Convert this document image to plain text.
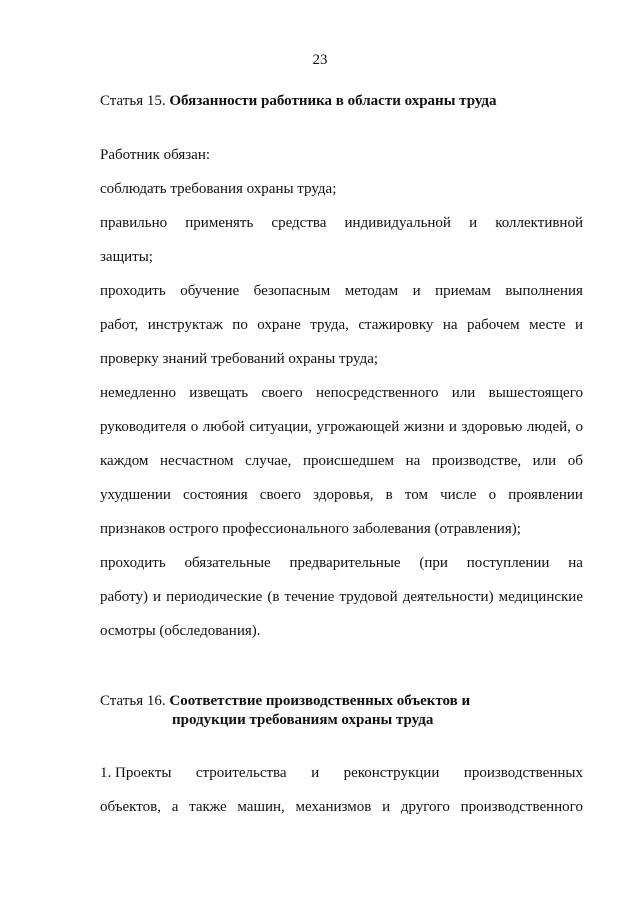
23
Статья 15. Обязанности работника в области охраны труда
Работник обязан:
соблюдать требования охраны труда;
правильно применять средства индивидуальной и коллективной
защиты;
проходить обучение безопасным методам и приемам выполнения
работ, инструктаж по охране труда, стажировку на рабочем месте и
проверку знаний требований охраны труда;
немедленно извещать своего непосредственного или вышестоящего
руководителя о любой ситуации, угрожающей жизни и здоровью людей, о
каждом несчастном случае, происшедшем на производстве, или об
ухудшении состояния своего здоровья, в том числе о проявлении
признаков острого профессионального заболевания (отравления);
проходить обязательные предварительные (при поступлении на
работу) и периодические (в течение трудовой деятельности) медицинские
осмотры (обследования).
Статья 16. Соответствие производственных объектов и
продукции требованиям охраны труда
1. Проекты строительства и реконструкции производственных
объектов, а также машин, механизмов и другого производственного
